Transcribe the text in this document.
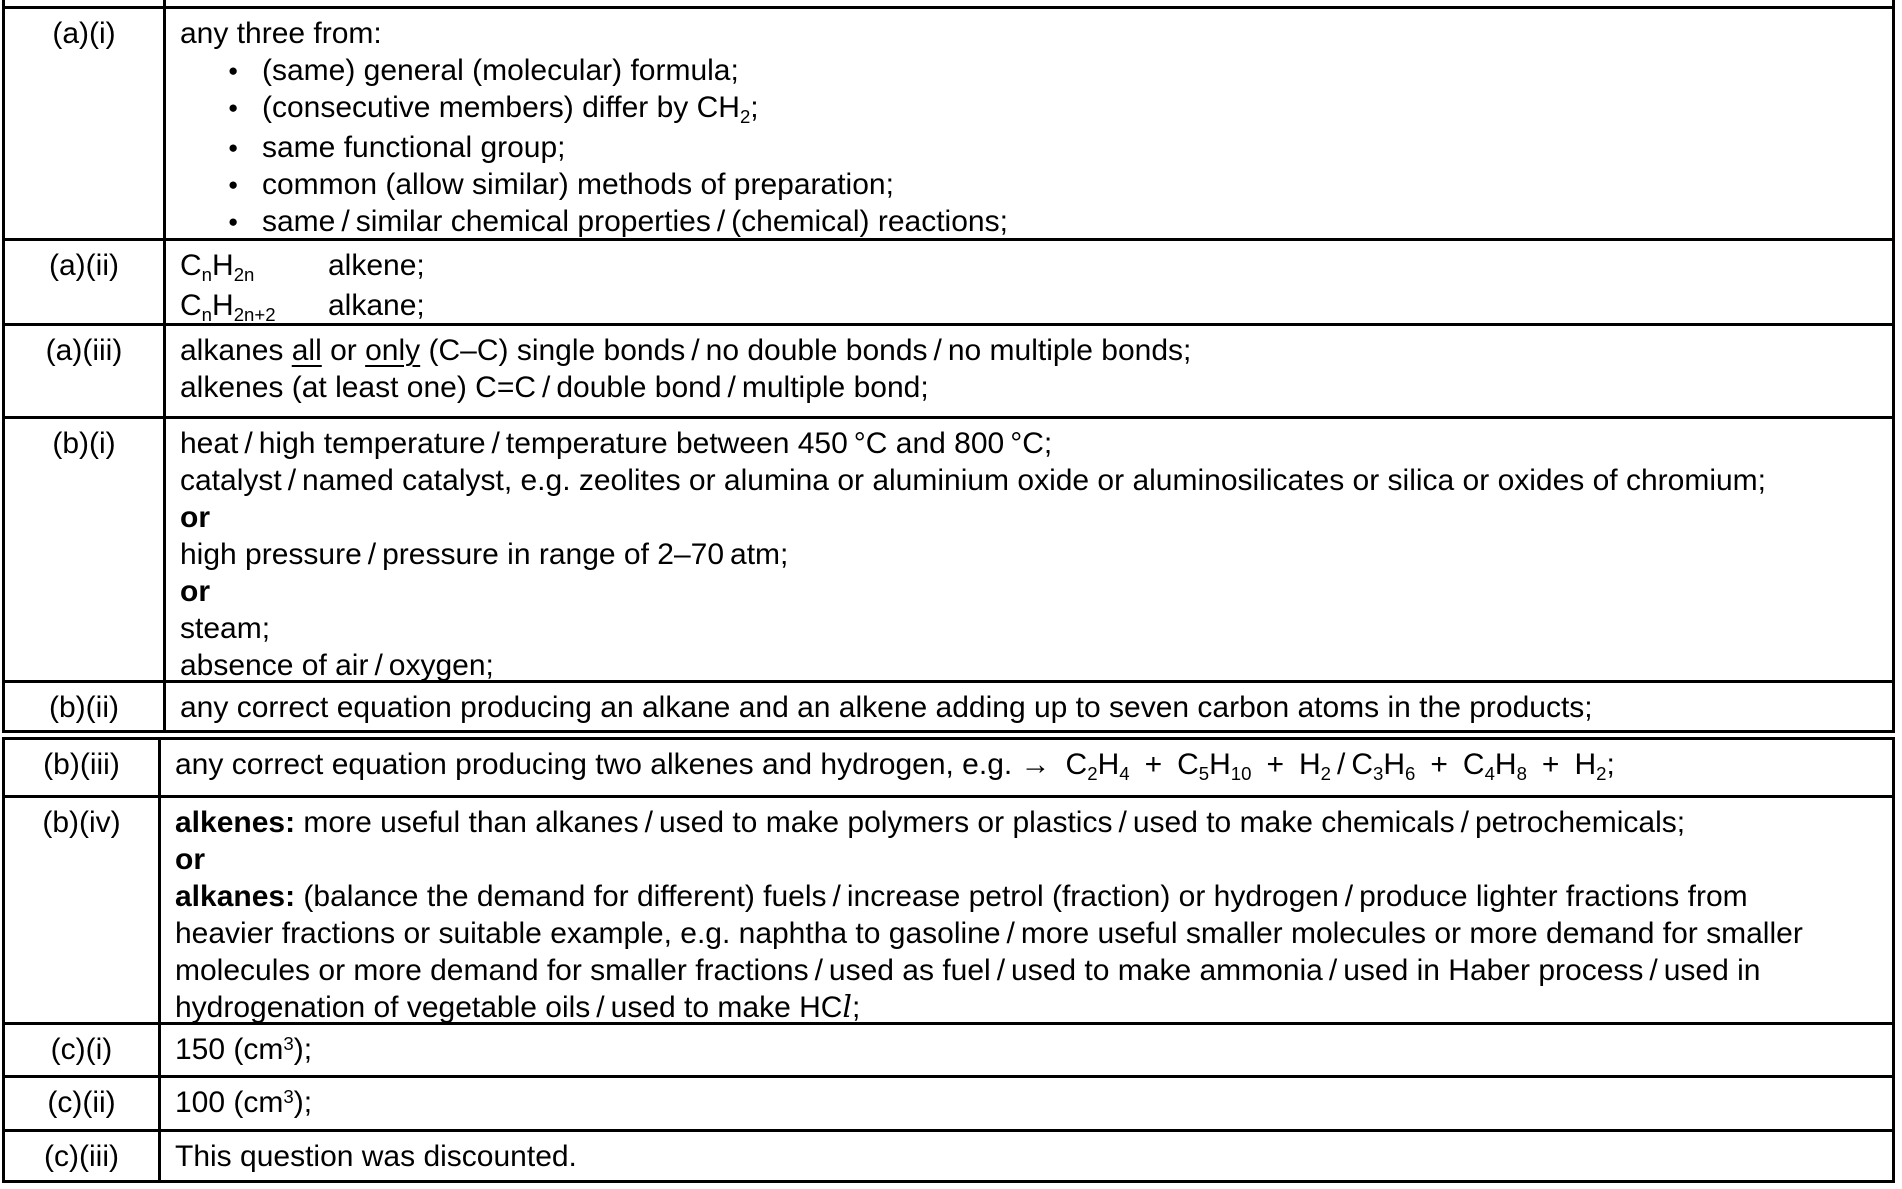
(a)(i)	any three from:
● (same) general (molecular) formula;
● (consecutive members) differ by CH2;
● same functional group;
● common (allow similar) methods of preparation;
● same / similar chemical properties / (chemical) reactions;
(a)(ii)	CnH2n alkene;
CnH2n+2 alkane;
(a)(iii)	alkanes all or only (C–C) single bonds / no double bonds / no multiple bonds;
alkenes (at least one) C=C / double bond / multiple bond;
(b)(i)	heat / high temperature / temperature between 450 °C and 800 °C;
catalyst / named catalyst, e.g. zeolites or alumina or aluminium oxide or aluminosilicates or silica or oxides of chromium;
or
high pressure / pressure in range of 2–70 atm;
or
steam;
absence of air / oxygen;
(b)(ii)	any correct equation producing an alkane and an alkene adding up to seven carbon atoms in the products;
(b)(iii)	any correct equation producing two alkenes and hydrogen, e.g. → C2H4 + C5H10 + H2 / C3H6 + C4H8 + H2;
(b)(iv)	alkenes: more useful than alkanes / used to make polymers or plastics / used to make chemicals / petrochemicals;
or
alkanes: (balance the demand for different) fuels / increase petrol (fraction) or hydrogen / produce lighter fractions from
heavier fractions or suitable example, e.g. naphtha to gasoline / more useful smaller molecules or more demand for smaller
molecules or more demand for smaller fractions / used as fuel / used to make ammonia / used in Haber process / used in
hydrogenation of vegetable oils / used to make HCl;
(c)(i)	150 $(cm^3)$;
(c)(ii)	100 $(cm^3)$;
(c)(iii)	This question was discounted.
